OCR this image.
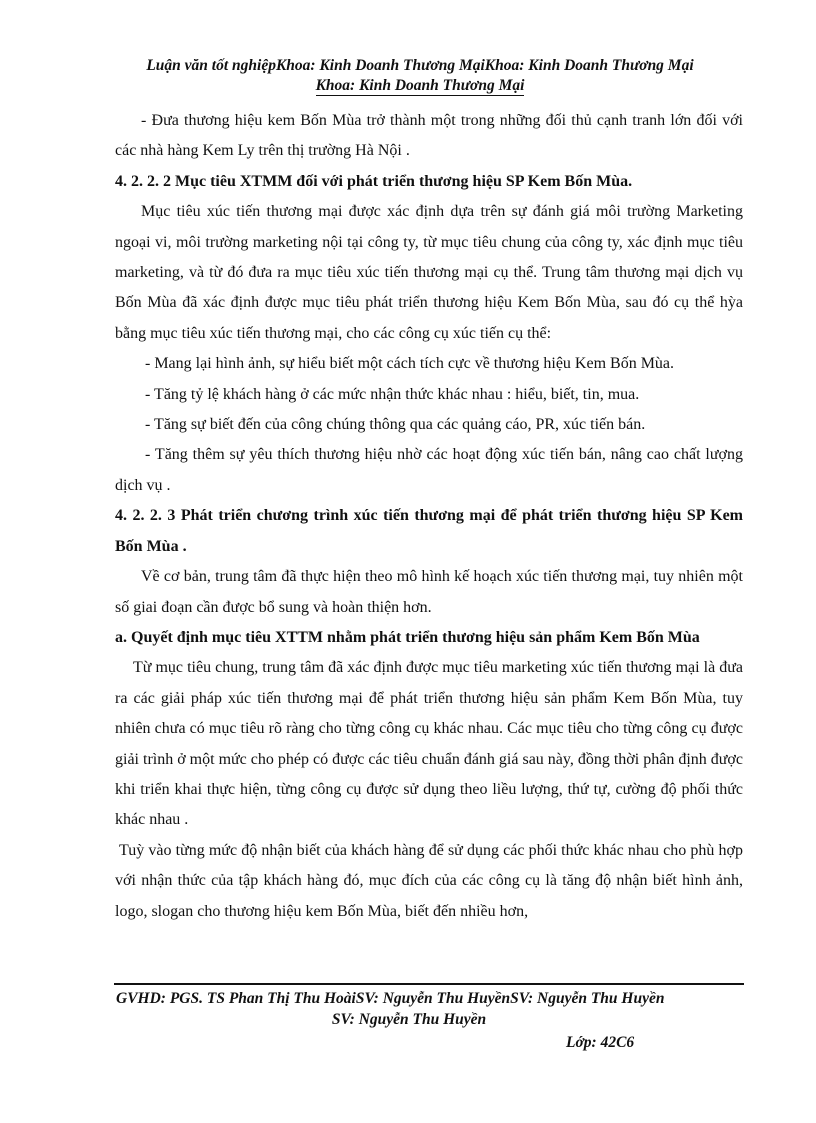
Luận văn tốt nghiệpKhoa: Kinh Doanh Thương MạiKhoa: Kinh Doanh Thương Mại
Khoa: Kinh Doanh Thương Mại

- Đưa thương hiệu kem Bốn Mùa trở thành một trong những đối thủ cạnh tranh lớn đối với các nhà hàng Kem Ly trên thị trường Hà Nội .

4. 2. 2. 2 Mục tiêu XTMM đối với phát triển thương hiệu SP Kem Bốn Mùa.

Mục tiêu xúc tiến thương mại được xác định dựa trên sự đánh giá môi trường Marketing ngoại vi, môi trường marketing nội tại công ty, từ mục tiêu chung của công ty, xác định mục tiêu marketing, và từ đó đưa ra mục tiêu xúc tiến thương mại cụ thể. Trung tâm thương mại dịch vụ Bốn Mùa đã xác định được mục tiêu phát triển thương hiệu Kem Bốn Mùa, sau đó cụ thể hỳa bằng mục tiêu xúc tiến thương mại, cho các công cụ xúc tiến cụ thể:

- Mang lại hình ảnh, sự hiểu biết một cách tích cực về thương hiệu Kem Bốn Mùa.

- Tăng tỷ lệ khách hàng ở các mức nhận thức khác nhau : hiểu, biết, tin, mua.

- Tăng sự biết đến của công chúng thông qua các quảng cáo, PR, xúc tiến bán.

- Tăng thêm sự yêu thích thương hiệu nhờ các hoạt động xúc tiến bán, nâng cao chất lượng dịch vụ .

4. 2. 2. 3 Phát triển chương trình xúc tiến thương mại để phát triển thương hiệu SP Kem Bốn Mùa .

Về cơ bản, trung tâm đã thực hiện theo mô hình kế hoạch xúc tiến thương mại, tuy nhiên một số giai đoạn cần được bổ sung và hoàn thiện hơn.

a. Quyết định mục tiêu XTTM nhằm phát triển thương hiệu sản phẩm Kem Bốn Mùa

Từ mục tiêu chung, trung tâm đã xác định được mục tiêu marketing xúc tiến thương mại là đưa ra các giải pháp xúc tiến thương mại để phát triển thương hiệu sản phẩm Kem Bốn Mùa, tuy nhiên chưa có mục tiêu rõ ràng cho từng công cụ khác nhau. Các mục tiêu cho từng công cụ được giải trình ở một mức cho phép có được các tiêu chuẩn đánh giá sau này, đồng thời phân định được khi triển khai thực hiện, từng công cụ được sử dụng theo liều lượng, thứ tự, cường độ phối thức khác nhau .

Tuỳ vào từng mức độ nhận biết của khách hàng để sử dụng các phối thức khác nhau cho phù hợp với nhận thức của tập khách hàng đó, mục đích của các công cụ là tăng độ nhận biết hình ảnh, logo, slogan cho thương hiệu kem Bốn Mùa, biết đến nhiều hơn,

GVHD: PGS. TS Phan Thị Thu HoàiSV: Nguyễn Thu HuyềnSV: Nguyễn Thu Huyền
SV: Nguyễn Thu Huyền
Lớp: 42C6
